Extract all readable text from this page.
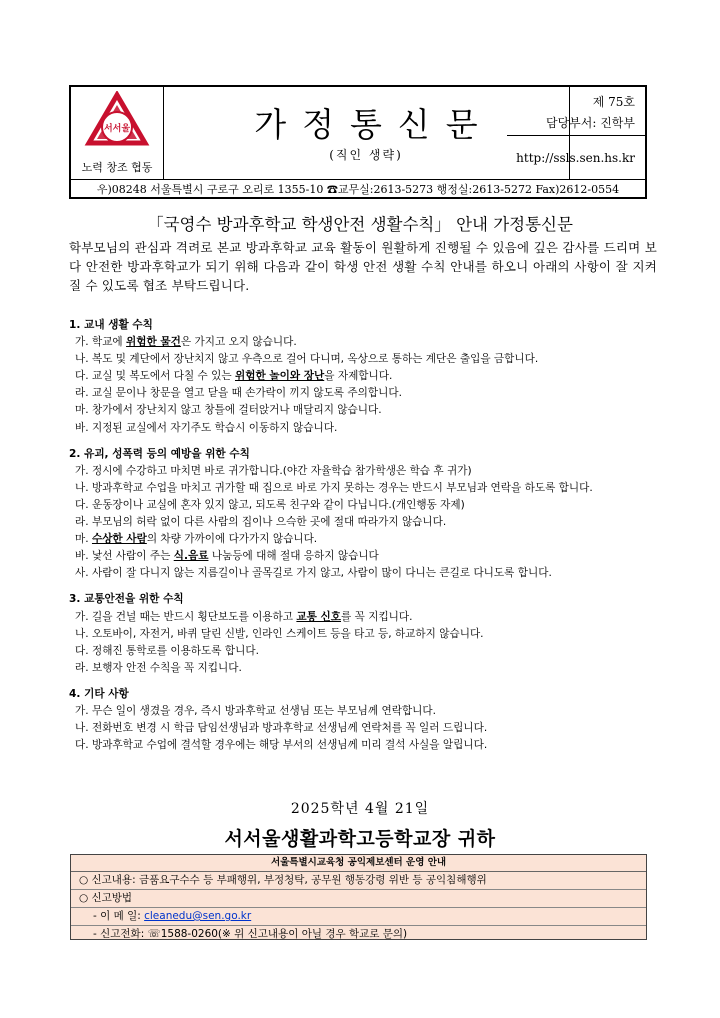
서서울
노력 창조 협동
가정통신문
(직인 생략)
제 75호
담당부서: 진학부
http://ssls.sen.hs.kr
우)08248 서울특별시 구로구 오리로 1355-10 ☎교무실:2613-5273 행정실:2613-5272 Fax)2612-0554
「국영수 방과후학교 학생안전 생활수칙」 안내 가정통신문
학부모님의 관심과 격려로 본교 방과후학교 교육 활동이 원활하게 진행될 수 있음에 깊은 감사를 드리며 보다 안전한 방과후학교가 되기 위해 다음과 같이 학생 안전 생활 수칙 안내를 하오니 아래의 사항이 잘 지켜질 수 있도록 협조 부탁드립니다.
1. 교내 생활 수칙
가. 학교에 위험한 물건은 가지고 오지 않습니다.
나. 복도 및 계단에서 장난치지 않고 우측으로 걸어 다니며, 옥상으로 통하는 계단은 출입을 금합니다.
다. 교실 및 복도에서 다칠 수 있는 위험한 놀이와 장난을 자제합니다.
라. 교실 문이나 창문을 열고 닫을 때 손가락이 끼지 않도록 주의합니다.
마. 창가에서 장난치지 않고 창틀에 걸터앉거나 매달리지 않습니다.
바. 지정된 교실에서 자기주도 학습시 이동하지 않습니다.
2. 유괴, 성폭력 등의 예방을 위한 수칙
가. 정시에 수강하고 마치면 바로 귀가합니다.(야간 자율학습 참가학생은 학습 후 귀가)
나. 방과후학교 수업을 마치고 귀가할 때 집으로 바로 가지 못하는 경우는 반드시 부모님과 연락을 하도록 합니다.
다. 운동장이나 교실에 혼자 있지 않고, 되도록 친구와 같이 다닙니다.(개인행동 자제)
라. 부모님의 허락 없이 다른 사람의 집이나 으슥한 곳에 절대 따라가지 않습니다.
마. 수상한 사람의 차량 가까이에 다가가지 않습니다.
바. 낯선 사람이 주는 식.음료 나눔등에 대해 절대 응하지 않습니다
사. 사람이 잘 다니지 않는 지름길이나 골목길로 가지 않고, 사람이 많이 다니는 큰길로 다니도록 합니다.
3. 교통안전을 위한 수칙
가. 길을 건널 때는 반드시 횡단보도를 이용하고 교통 신호를 꼭 지킵니다.
나. 오토바이, 자전거, 바퀴 달린 신발, 인라인 스케이트 등을 타고 등, 하교하지 않습니다.
다. 정해진 통학로를 이용하도록 합니다.
라. 보행자 안전 수칙을 꼭 지킵니다.
4. 기타 사항
가. 무슨 일이 생겼을 경우, 즉시 방과후학교 선생님 또는 부모님께 연락합니다.
나. 전화번호 변경 시 학급 담임선생님과 방과후학교 선생님께 연락처를 꼭 일러 드립니다.
다. 방과후학교 수업에 결석할 경우에는 해당 부서의 선생님께 미리 결석 사실을 알립니다.
2025학년 4월 21일
서서울생활과학고등학교장 귀하
서울특별시교육청 공익제보센터 운영 안내
○ 신고내용: 금품요구수수 등 부패행위, 부정청탁, 공무원 행동강령 위반 등 공익침해행위
○ 신고방법
- 이 메 일: cleanedu@sen.go.kr
- 신고전화: ☏1588-0260(※ 위 신고내용이 아닐 경우 학교로 문의)
